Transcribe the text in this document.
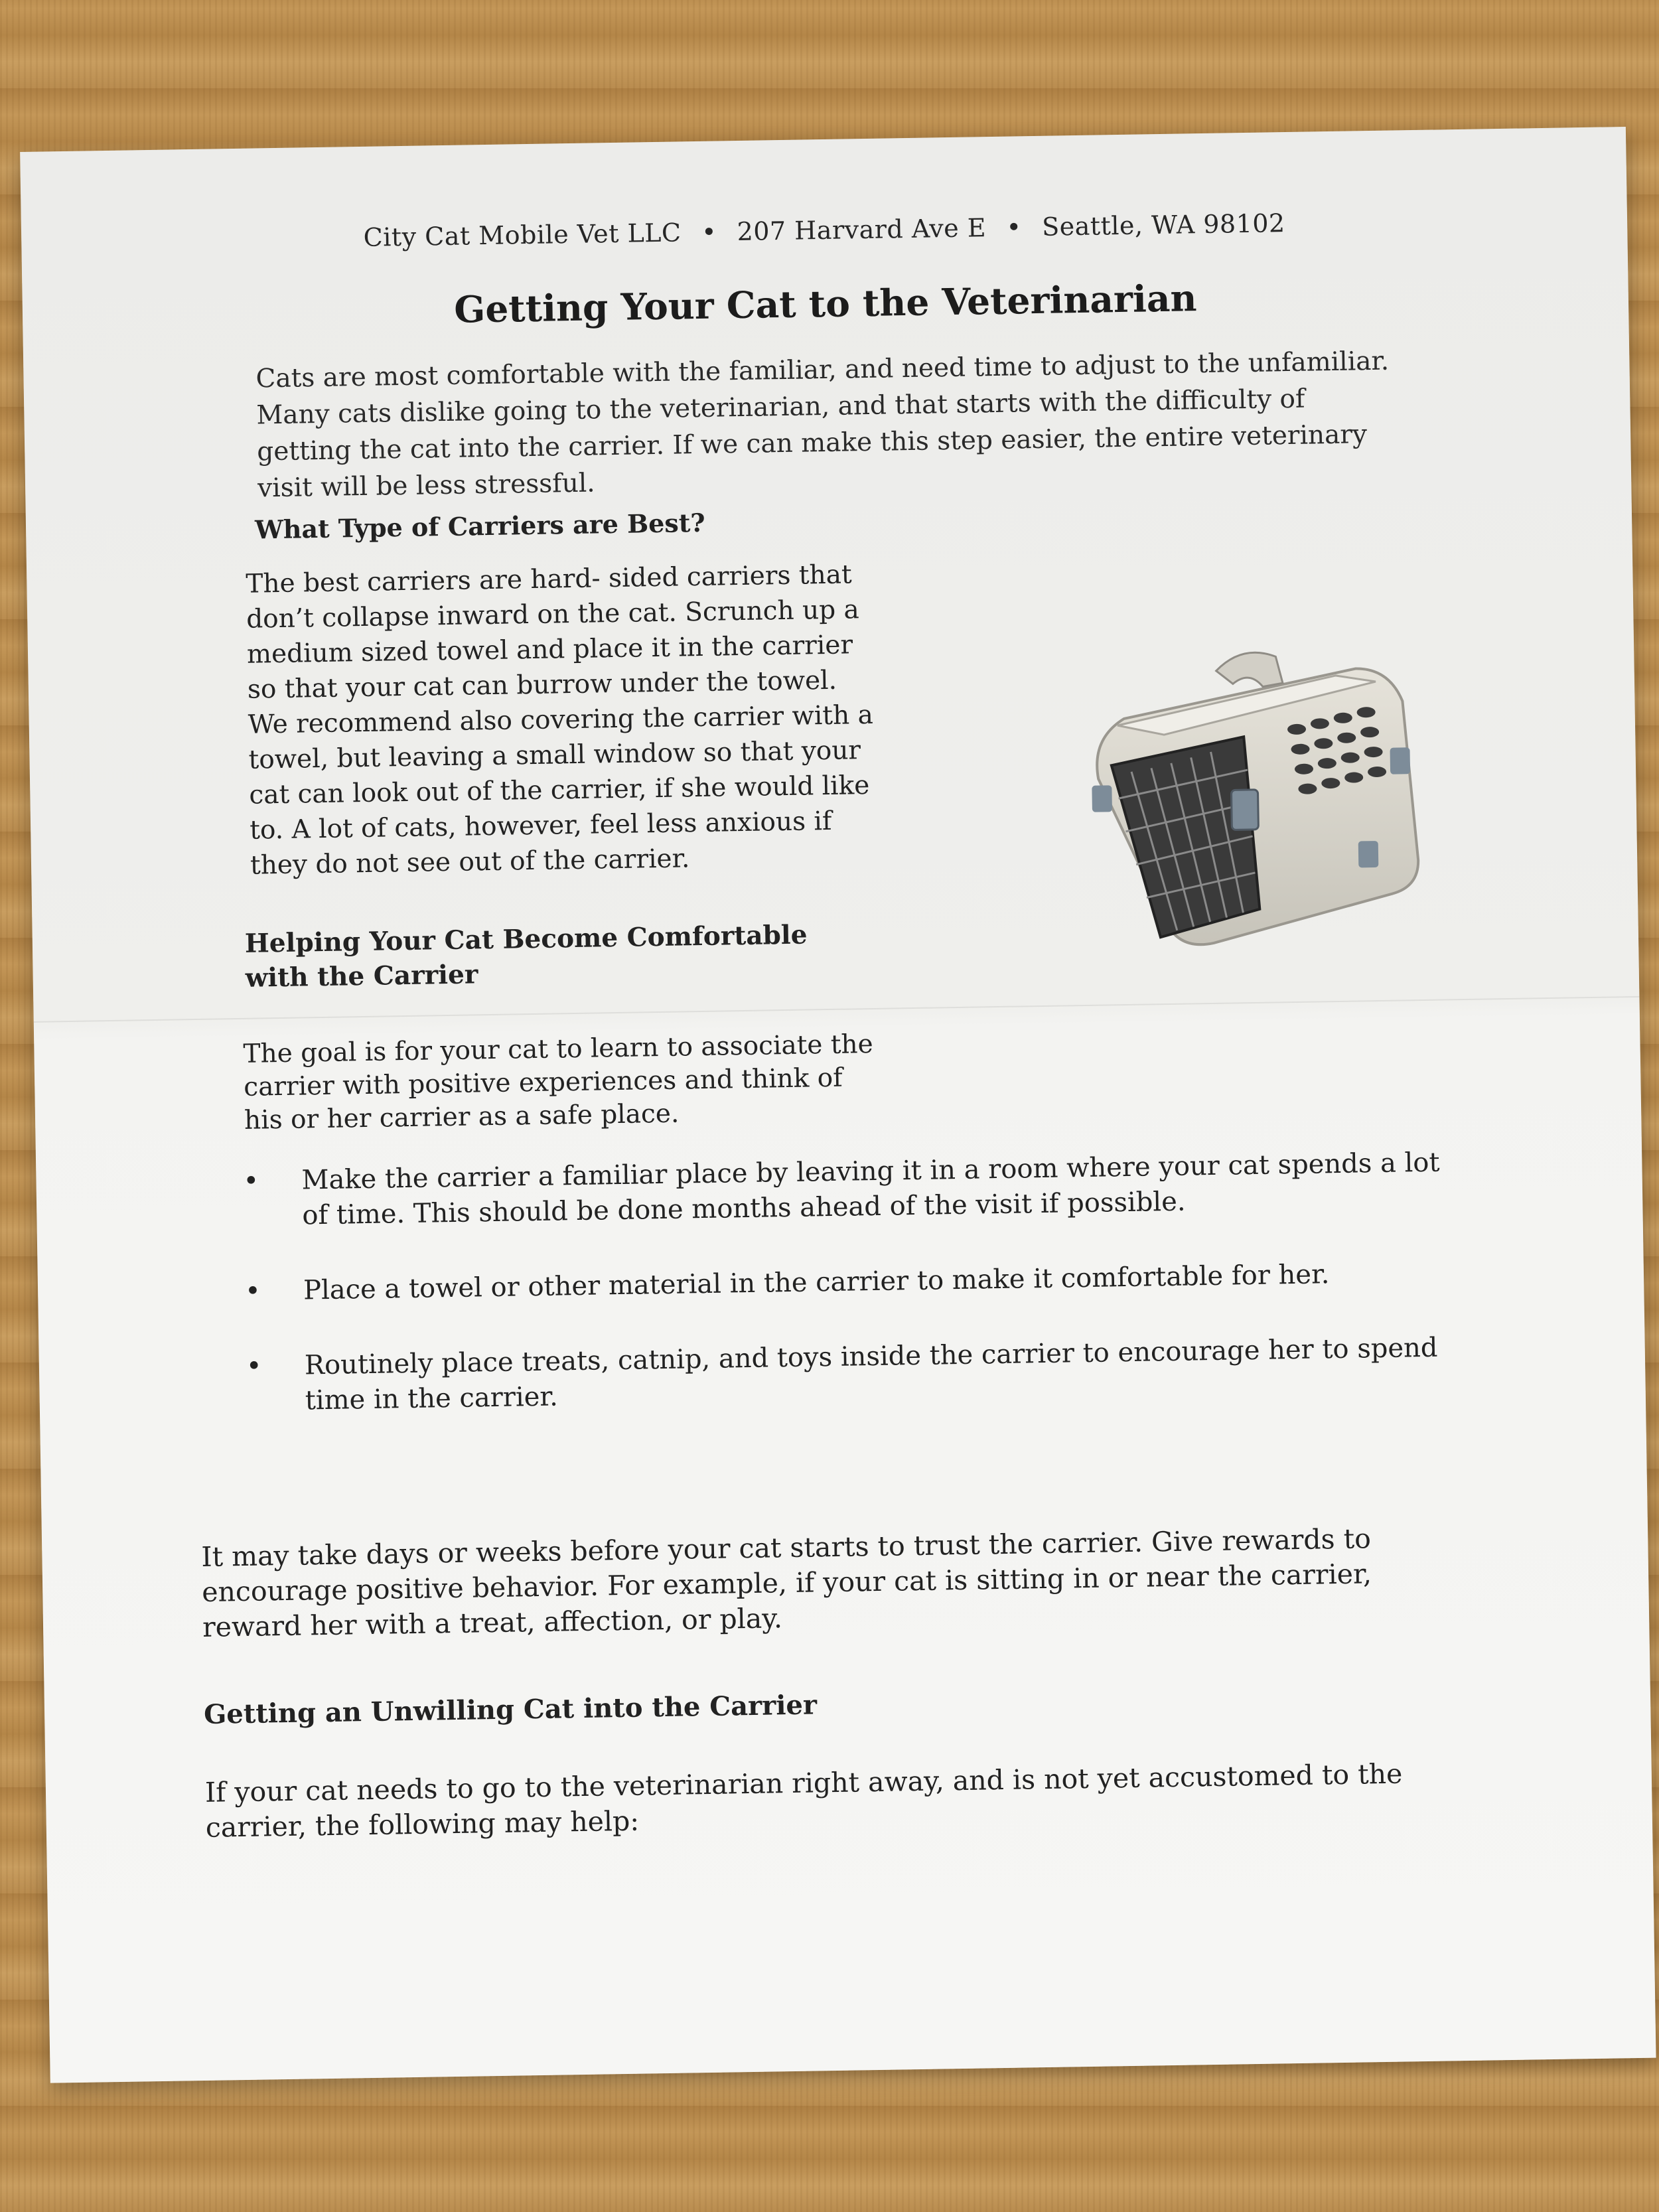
City Cat Mobile Vet LLC • 207 Harvard Ave E • Seattle, WA 98102
Getting Your Cat to the Veterinarian

Cats are most comfortable with the familiar, and need time to adjust to the unfamiliar. Many cats dislike going to the veterinarian, and that starts with the difficulty of getting the cat into the carrier. If we can make this step easier, the entire veterinary visit will be less stressful.

What Type of Carriers are Best?

The best carriers are hard- sided carriers that don’t collapse inward on the cat. Scrunch up a medium sized towel and place it in the carrier so that your cat can burrow under the towel. We recommend also covering the carrier with a towel, but leaving a small window so that your cat can look out of the carrier, if she would like to. A lot of cats, however, feel less anxious if they do not see out of the carrier.

Helping Your Cat Become Comfortable with the Carrier

The goal is for your cat to learn to associate the carrier with positive experiences and think of his or her carrier as a safe place.

• Make the carrier a familiar place by leaving it in a room where your cat spends a lot of time. This should be done months ahead of the visit if possible.
• Place a towel or other material in the carrier to make it comfortable for her.
• Routinely place treats, catnip, and toys inside the carrier to encourage her to spend time in the carrier.

It may take days or weeks before your cat starts to trust the carrier. Give rewards to encourage positive behavior. For example, if your cat is sitting in or near the carrier, reward her with a treat, affection, or play.

Getting an Unwilling Cat into the Carrier

If your cat needs to go to the veterinarian right away, and is not yet accustomed to the carrier, the following may help:
